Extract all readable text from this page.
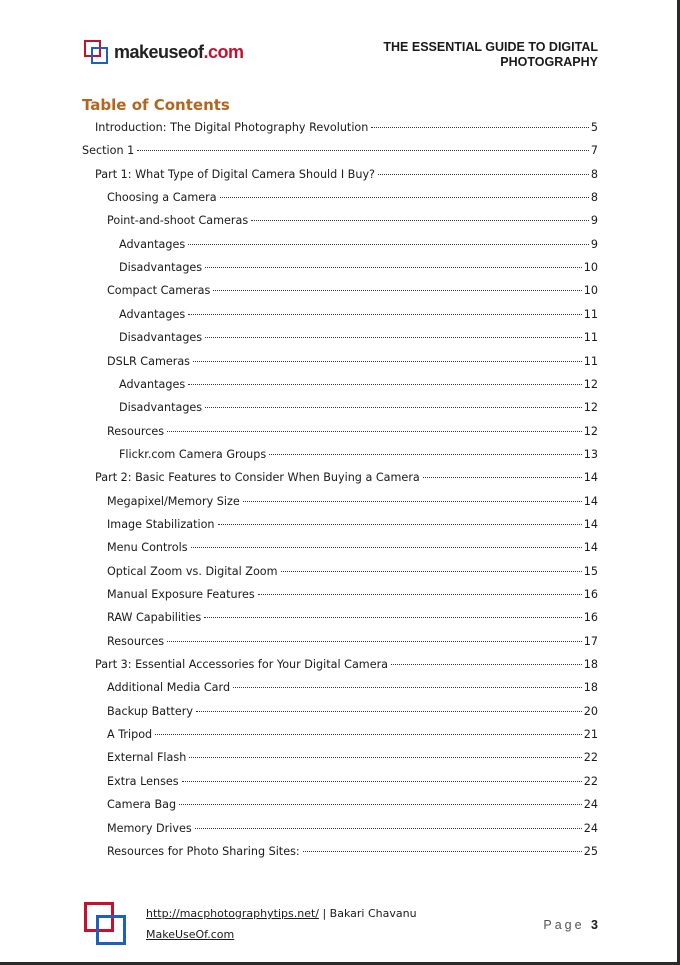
makeuseof.com	THE ESSENTIAL GUIDE TO DIGITAL
PHOTOGRAPHY
Table of Contents
Introduction: The Digital Photography Revolution	5
Section 1	7
Part 1: What Type of Digital Camera Should I Buy?	8
Choosing a Camera	8
Point-and-shoot Cameras	9
Advantages	9
Disadvantages	10
Compact Cameras	10
Advantages	11
Disadvantages	11
DSLR Cameras	11
Advantages	12
Disadvantages	12
Resources	12
Flickr.com Camera Groups	13
Part 2: Basic Features to Consider When Buying a Camera	14
Megapixel/Memory Size	14
Image Stabilization	14
Menu Controls	14
Optical Zoom vs. Digital Zoom	15
Manual Exposure Features	16
RAW Capabilities	16
Resources	17
Part 3: Essential Accessories for Your Digital Camera	18
Additional Media Card	18
Backup Battery	20
A Tripod	21
External Flash	22
Extra Lenses	22
Camera Bag	24
Memory Drives	24
Resources for Photo Sharing Sites:	25
http://macphotographytips.net/ | Bakari Chavanu
MakeUseOf.com
Page 3
